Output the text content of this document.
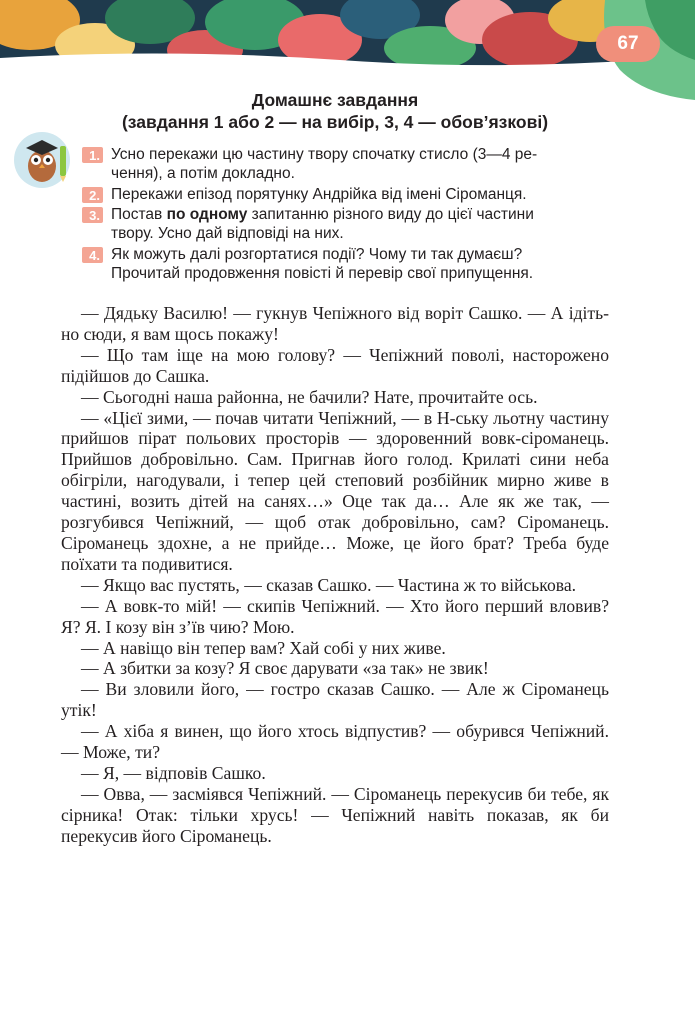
67
Домашнє завдання
(завдання 1 або 2 — на вибір, 3, 4 — обов’язкові)
1. Усно перекажи цю частину твору спочатку стисло (3—4 ре-
чення), а потім докладно.
2. Перекажи епізод порятунку Андрійка від імені Сіроманця.
3. Постав по одному запитанню різного виду до цієї частини
твору. Усно дай відповіді на них.
4. Як можуть далі розгортатися події? Чому ти так думаєш?
Прочитай продовження повісті й перевір свої припущення.

— Дядьку Василю! — гукнув Чепіжного від воріт Сашко. — А ідіть-но сюди, я вам щось покажу!

— Що там іще на мою голову? — Чепіжний поволі, насторожено підійшов до Сашка.

— Сьогодні наша районна, не бачили? Нате, прочитайте ось.

— «Цієї зими, — почав читати Чепіжний, — в Н-ську льотну частину прийшов пірат польових просторів — здоровенний вовк-сіроманець. Прийшов добровільно. Сам. Пригнав його голод. Крилаті сини неба обігріли, нагодували, і тепер цей степовий розбійник мирно живе в частині, возить дітей на санях…» Оце так да… Але як же так, — розгубився Чепіжний, — щоб отак добровільно, сам? Сіроманець. Сіроманець здохне, а не прийде… Може, це його брат? Треба буде поїхати та подивитися.

— Якщо вас пустять, — сказав Сашко. — Частина ж то військова.

— А вовк-то мій! — скипів Чепіжний. — Хто його перший вловив? Я? Я. І козу він з’їв чию? Мою.

— А навіщо він тепер вам? Хай собі у них живе.

— А збитки за козу? Я своє дарувати «за так» не звик!

— Ви зловили його, — гостро сказав Сашко. — Але ж Сіроманець утік!

— А хіба я винен, що його хтось відпустив? — обурився Чепіжний. — Може, ти?

— Я, — відповів Сашко.

— Овва, — засміявся Чепіжний. — Сіроманець перекусив би тебе, як сірника! Отак: тільки хрусь! — Чепіжний навіть показав, як би перекусив його Сіроманець.
